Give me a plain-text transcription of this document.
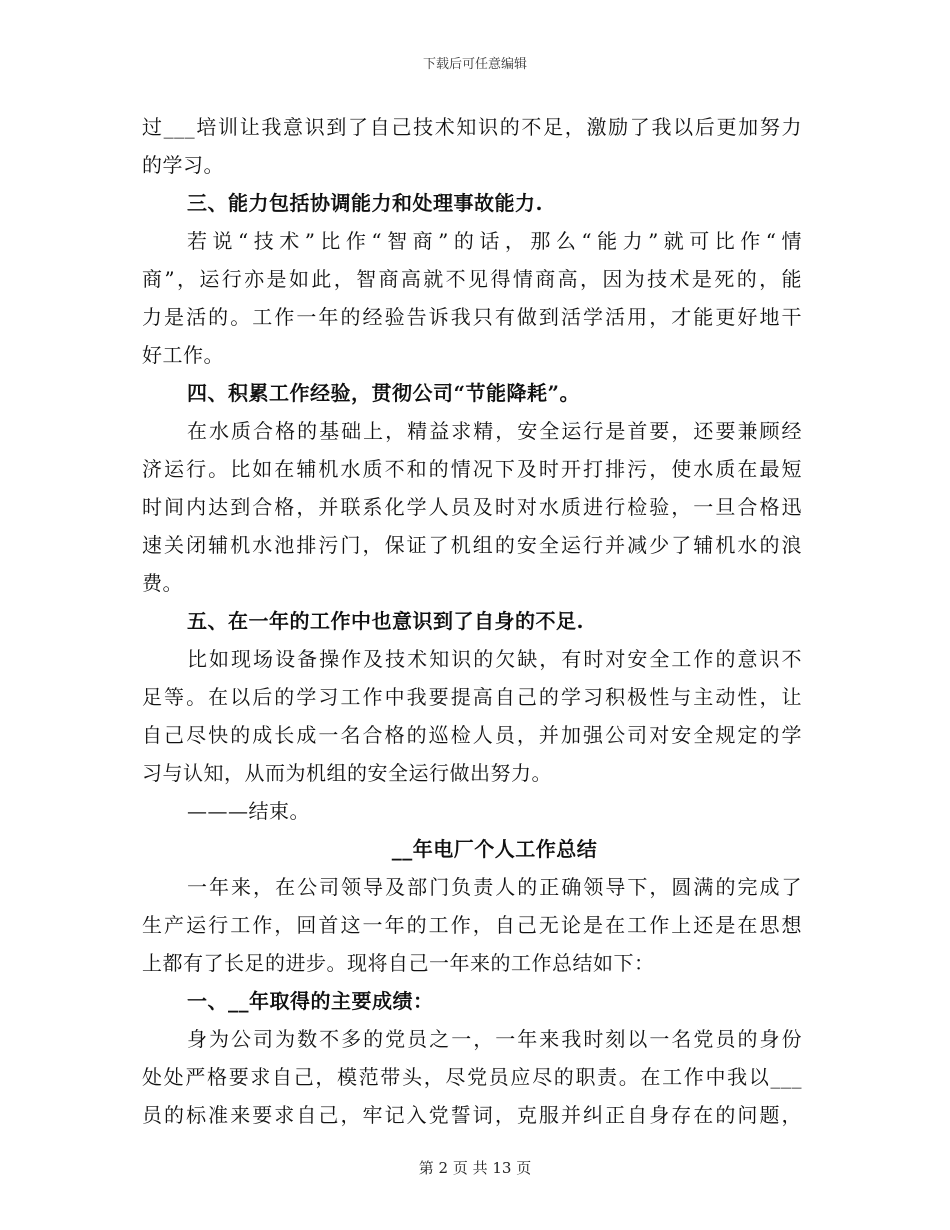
下载后可任意编辑
过___培训让我意识到了自己技术知识的不足，激励了我以后更加努力
的学习。
三、能力包括协调能力和处理事故能力.
若说“技术”比作“智商”的话，那么“能力”就可比作“情
商”，运行亦是如此，智商高就不见得情商高，因为技术是死的，能
力是活的。工作一年的经验告诉我只有做到活学活用，才能更好地干
好工作。
四、积累工作经验，贯彻公司“节能降耗”。
在水质合格的基础上，精益求精，安全运行是首要，还要兼顾经
济运行。比如在辅机水质不和的情况下及时开打排污，使水质在最短
时间内达到合格，并联系化学人员及时对水质进行检验，一旦合格迅
速关闭辅机水池排污门，保证了机组的安全运行并减少了辅机水的浪
费。
五、在一年的工作中也意识到了自身的不足.
比如现场设备操作及技术知识的欠缺，有时对安全工作的意识不
足等。在以后的学习工作中我要提高自己的学习积极性与主动性，让
自己尽快的成长成一名合格的巡检人员，并加强公司对安全规定的学
习与认知，从而为机组的安全运行做出努力。
———结束。
__年电厂个人工作总结
一年来，在公司领导及部门负责人的正确领导下，圆满的完成了
生产运行工作，回首这一年的工作，自己无论是在工作上还是在思想
上都有了长足的进步。现将自己一年来的工作总结如下：
一、__年取得的主要成绩：
身为公司为数不多的党员之一，一年来我时刻以一名党员的身份
处处严格要求自己，模范带头，尽党员应尽的职责。在工作中我以___
员的标准来要求自己，牢记入党誓词，克服并纠正自身存在的问题，
第 2 页 共 13 页
